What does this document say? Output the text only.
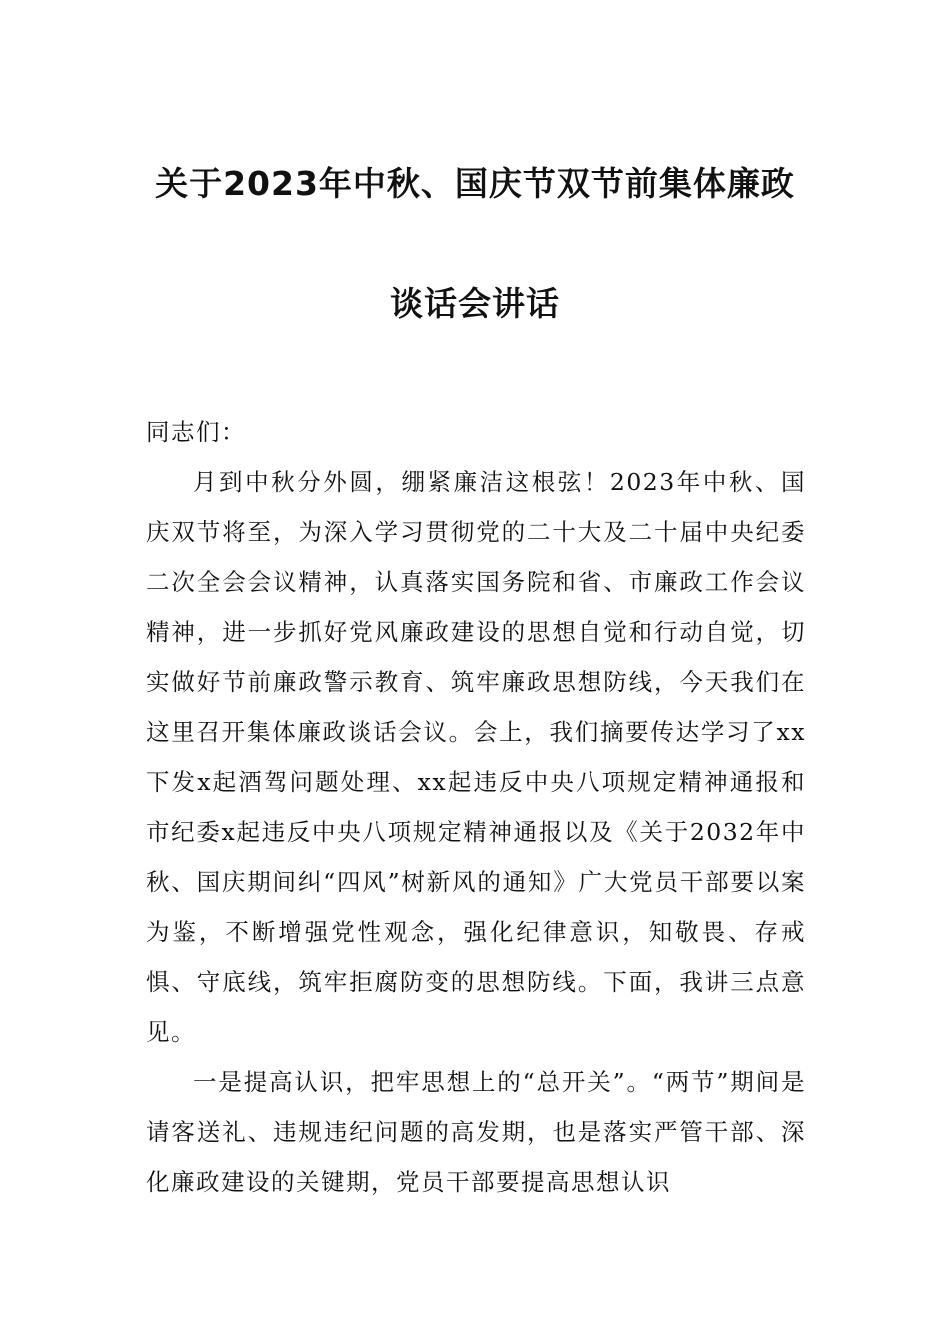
关于2023年中秋、国庆节双节前集体廉政
谈话会讲话

同志们：

月到中秋分外圆，绷紧廉洁这根弦！2023年中秋、国庆双节将至，为深入学习贯彻党的二十大及二十届中央纪委二次全会会议精神，认真落实国务院和省、市廉政工作会议精神，进一步抓好党风廉政建设的思想自觉和行动自觉，切实做好节前廉政警示教育、筑牢廉政思想防线，今天我们在这里召开集体廉政谈话会议。会上，我们摘要传达学习了xx下发x起酒驾问题处理、xx起违反中央八项规定精神通报和市纪委x起违反中央八项规定精神通报以及《关于2032年中秋、国庆期间纠“四风”树新风的通知》广大党员干部要以案为鉴，不断增强党性观念，强化纪律意识，知敬畏、存戒惧、守底线，筑牢拒腐防变的思想防线。下面，我讲三点意见。

一是提高认识，把牢思想上的“总开关”。“两节”期间是请客送礼、违规违纪问题的高发期，也是落实严管干部、深化廉政建设的关键期，党员干部要提高思想认识
